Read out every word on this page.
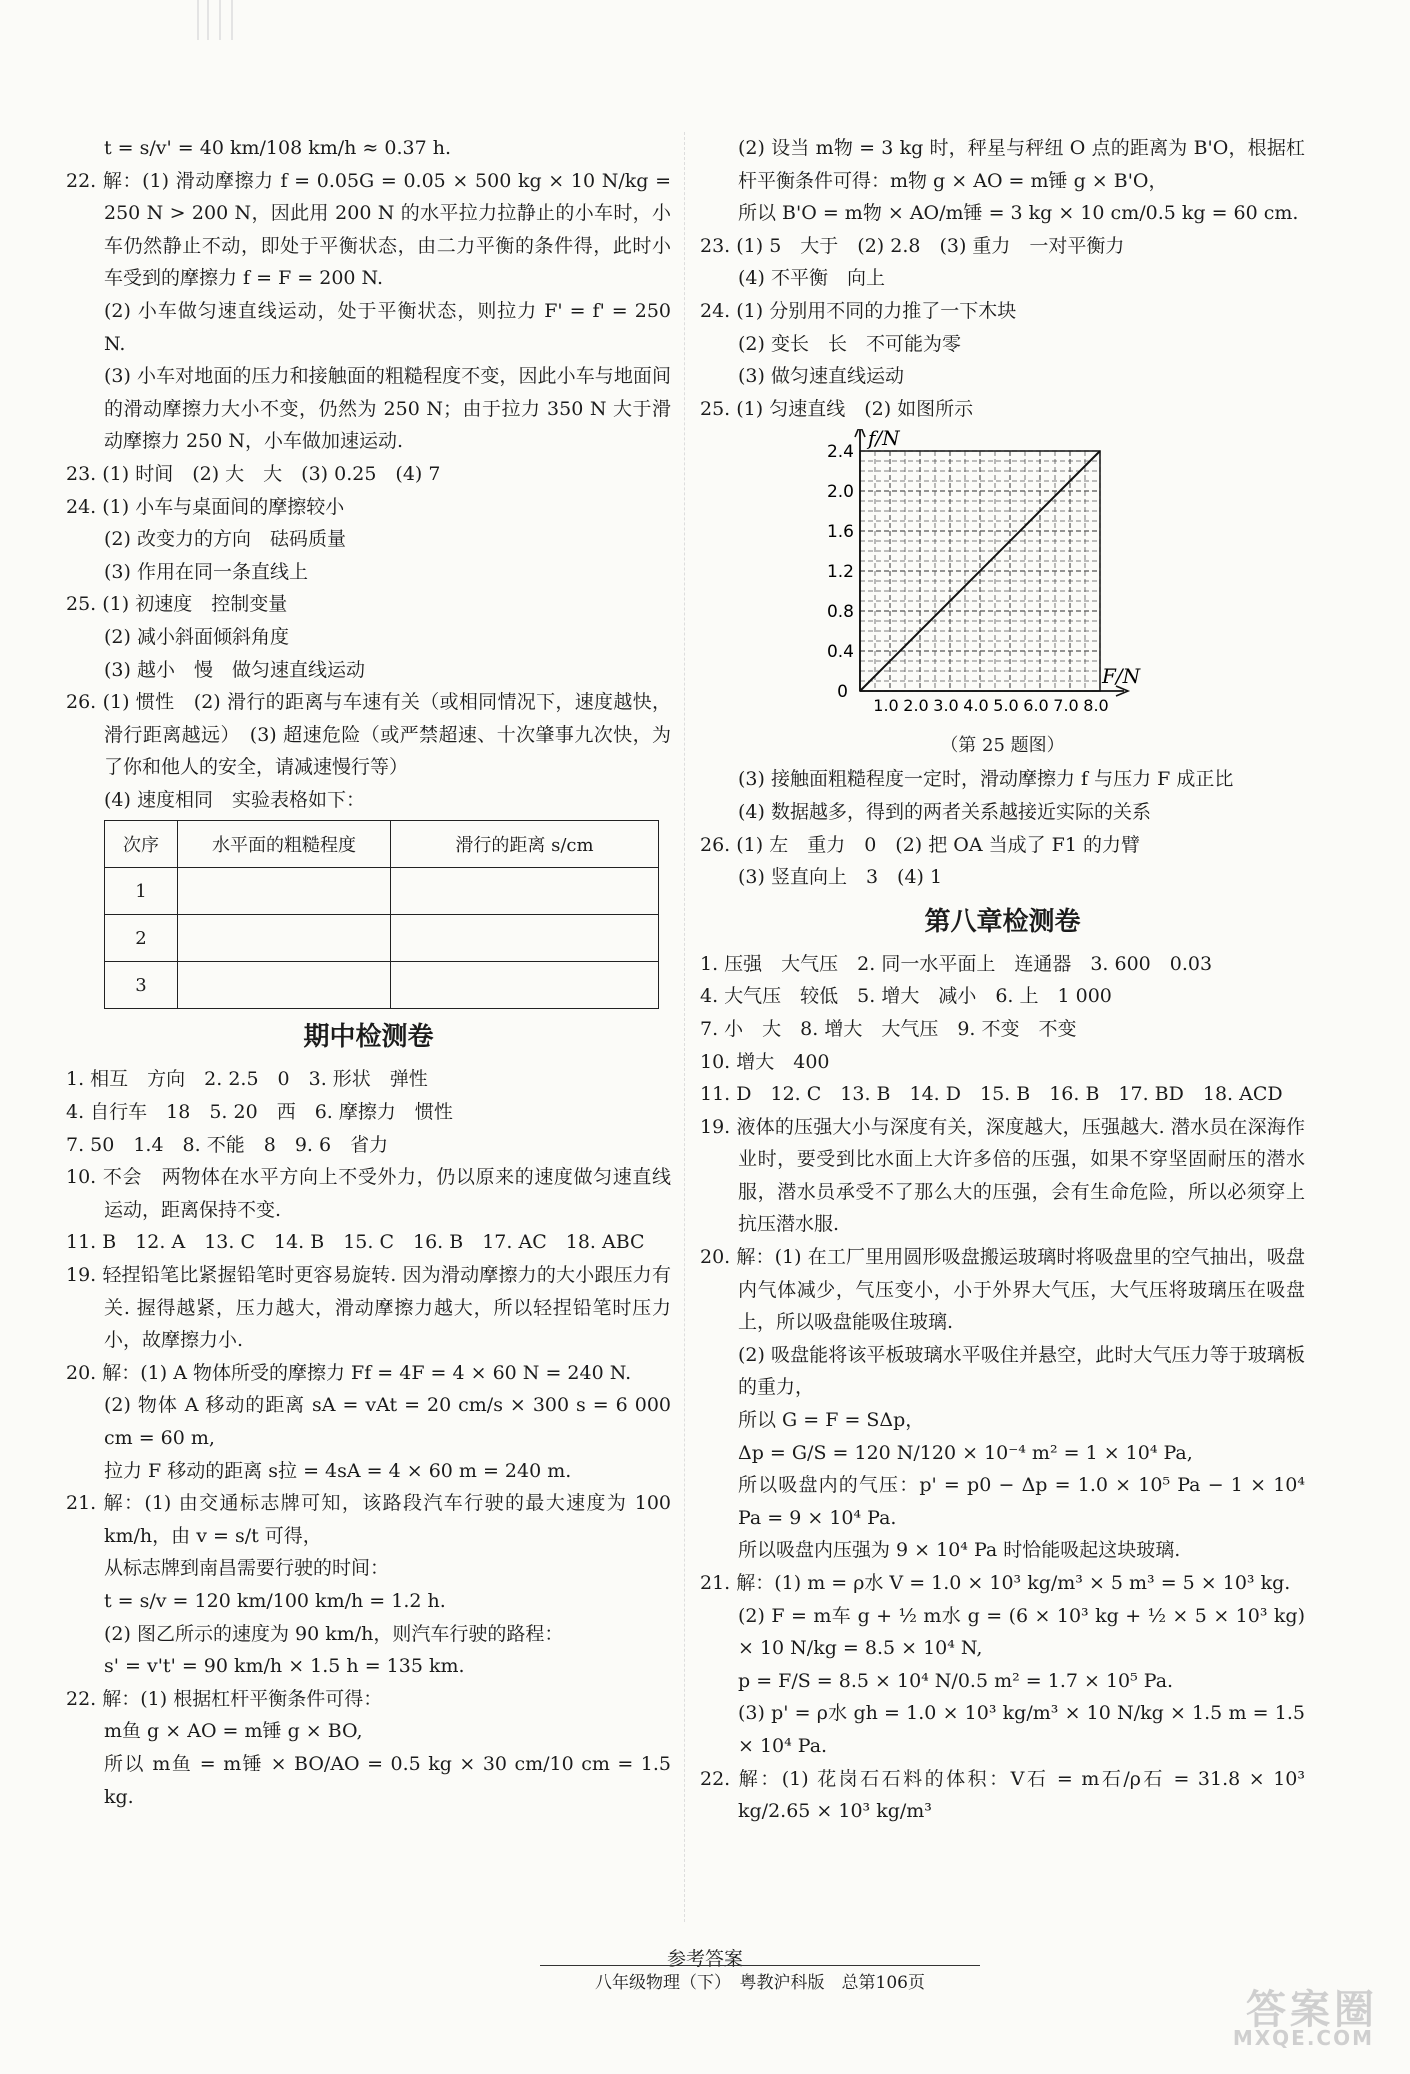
t = s/v' = 40 km/108 km/h ≈ 0.37 h.

22. 解：(1) 滑动摩擦力 f = 0.05G = 0.05 × 500 kg × 10 N/kg = 250 N > 200 N，因此用 200 N 的水平拉力拉静止的小车时，小车仍然静止不动，即处于平衡状态，由二力平衡的条件得，此时小车受到的摩擦力 f = F = 200 N.

(2) 小车做匀速直线运动，处于平衡状态，则拉力 F' = f' = 250 N.

(3) 小车对地面的压力和接触面的粗糙程度不变，因此小车与地面间的滑动摩擦力大小不变，仍然为 250 N；由于拉力 350 N 大于滑动摩擦力 250 N，小车做加速运动.

23. (1) 时间　(2) 大　大　(3) 0.25　(4) 7

24. (1) 小车与桌面间的摩擦较小

(2) 改变力的方向　砝码质量

(3) 作用在同一条直线上

25. (1) 初速度　控制变量

(2) 减小斜面倾斜角度

(3) 越小　慢　做匀速直线运动

26. (1) 惯性　(2) 滑行的距离与车速有关（或相同情况下，速度越快，滑行距离越远）　(3) 超速危险（或严禁超速、十次肇事九次快，为了你和他人的安全，请减速慢行等）

(4) 速度相同　实验表格如下：

次序	水平面的粗糙程度	滑行的距离 s/cm
1		
2		
3		
期中检测卷

1. 相互　方向　2. 2.5　0　3. 形状　弹性

4. 自行车　18　5. 20　西　6. 摩擦力　惯性

7. 50　1.4　8. 不能　8　9. 6　省力

10. 不会　两物体在水平方向上不受外力，仍以原来的速度做匀速直线运动，距离保持不变.

11. B　12. A　13. C　14. B　15. C　16. B　17. AC　18. ABC

19. 轻捏铅笔比紧握铅笔时更容易旋转. 因为滑动摩擦力的大小跟压力有关. 握得越紧，压力越大，滑动摩擦力越大，所以轻捏铅笔时压力小，故摩擦力小.

20. 解：(1) A 物体所受的摩擦力 Ff = 4F = 4 × 60 N = 240 N.

(2) 物体 A 移动的距离 sA = vAt = 20 cm/s × 300 s = 6 000 cm = 60 m,

拉力 F 移动的距离 s拉 = 4sA = 4 × 60 m = 240 m.

21. 解：(1) 由交通标志牌可知，该路段汽车行驶的最大速度为 100 km/h，由 v = s/t 可得，

从标志牌到南昌需要行驶的时间：

t = s/v = 120 km/100 km/h = 1.2 h.

(2) 图乙所示的速度为 90 km/h，则汽车行驶的路程：

s' = v't' = 90 km/h × 1.5 h = 135 km.

22. 解：(1) 根据杠杆平衡条件可得：

m鱼 g × AO = m锤 g × BO,

所以 m鱼 = m锤 × BO/AO = 0.5 kg × 30 cm/10 cm = 1.5 kg.

(2) 设当 m物 = 3 kg 时，秤星与秤纽 O 点的距离为 B'O，根据杠杆平衡条件可得：m物 g × AO = m锤 g × B'O，

所以 B'O = m物 × AO/m锤 = 3 kg × 10 cm/0.5 kg = 60 cm.

23. (1) 5　大于　(2) 2.8　(3) 重力　一对平衡力

(4) 不平衡　向上

24. (1) 分别用不同的力推了一下木块

(2) 变长　长　不可能为零

(3) 做匀速直线运动

25. (1) 匀速直线　(2) 如图所示

f/N
F/N
0.4
0.8
1.2
1.6
2.0
2.4
1.0 2.0 3.0 4.0 5.0 6.0 7.0 8.0
0
（第 25 题图）

(3) 接触面粗糙程度一定时，滑动摩擦力 f 与压力 F 成正比

(4) 数据越多，得到的两者关系越接近实际的关系

26. (1) 左　重力　0　(2) 把 OA 当成了 F1 的力臂

(3) 竖直向上　3　(4) 1

第八章检测卷

1. 压强　大气压　2. 同一水平面上　连通器　3. 600　0.03

4. 大气压　较低　5. 增大　减小　6. 上　1 000

7. 小　大　8. 增大　大气压　9. 不变　不变

10. 增大　400

11. D　12. C　13. B　14. D　15. B　16. B　17. BD　18. ACD

19. 液体的压强大小与深度有关，深度越大，压强越大. 潜水员在深海作业时，要受到比水面上大许多倍的压强，如果不穿坚固耐压的潜水服，潜水员承受不了那么大的压强，会有生命危险，所以必须穿上抗压潜水服.

20. 解：(1) 在工厂里用圆形吸盘搬运玻璃时将吸盘里的空气抽出，吸盘内气体减少，气压变小，小于外界大气压，大气压将玻璃压在吸盘上，所以吸盘能吸住玻璃.

(2) 吸盘能将该平板玻璃水平吸住并悬空，此时大气压力等于玻璃板的重力，

所以 G = F = SΔp，

Δp = G/S = 120 N/120 × 10⁻⁴ m² = 1 × 10⁴ Pa,

所以吸盘内的气压：p' = p0 − Δp = 1.0 × 10⁵ Pa − 1 × 10⁴ Pa = 9 × 10⁴ Pa.

所以吸盘内压强为 9 × 10⁴ Pa 时恰能吸起这块玻璃.

21. 解：(1) m = ρ水 V = 1.0 × 10³ kg/m³ × 5 m³ = 5 × 10³ kg.

(2) F = m车 g + ½ m水 g = (6 × 10³ kg + ½ × 5 × 10³ kg) × 10 N/kg = 8.5 × 10⁴ N,

p = F/S = 8.5 × 10⁴ N/0.5 m² = 1.7 × 10⁵ Pa.

(3) p' = ρ水 gh = 1.0 × 10³ kg/m³ × 10 N/kg × 1.5 m = 1.5 × 10⁴ Pa.

22. 解：(1) 花岗石石料的体积：V石 = m石/ρ石 = 31.8 × 10³ kg/2.65 × 10³ kg/m³

参考答案
八年级物理（下）　粤教沪科版　总第106页
答案圈
MXQE.COM
